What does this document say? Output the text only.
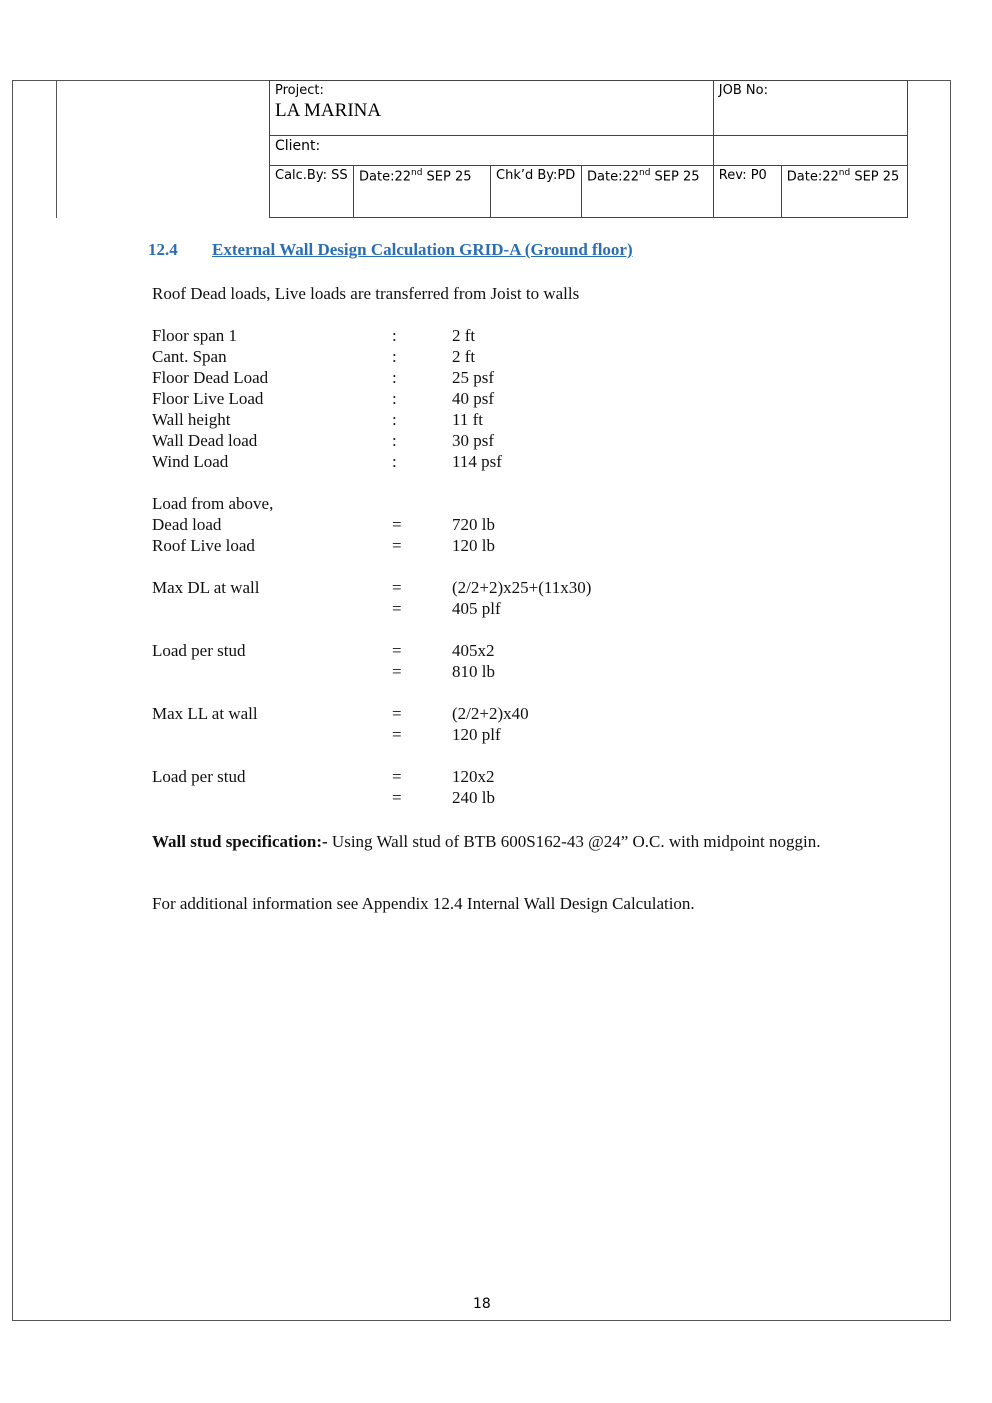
Project:
LA MARINA				JOB No:	
Client:					
Calc.By: SS	Date:22nd SEP 25	Chk’d By:PD	Date:22nd SEP 25	Rev: P0	Date:22nd SEP 25
12.4 External Wall Design Calculation GRID-A (Ground floor)
Roof Dead loads, Live loads are transferred from Joist to walls
Floor span 1	:	2 ft
Cant. Span	:	2 ft
Floor Dead Load	:	25 psf
Floor Live Load	:	40 psf
Wall height	:	11 ft
Wall Dead load	:	30 psf
Wind Load	:	114 psf
Load from above,
Dead load	=	720 lb
Roof Live load	=	120 lb
Max DL at wall	=	(2/2+2)x25+(11x30)
=	405 plf
Load per stud	=	405x2
=	810 lb
Max LL at wall	=	(2/2+2)x40
=	120 plf
Load per stud	=	120x2
=	240 lb
Wall stud specification:- Using Wall stud of BTB 600S162-43 @24” O.C. with midpoint noggin.
For additional information see Appendix 12.4 Internal Wall Design Calculation.
18
